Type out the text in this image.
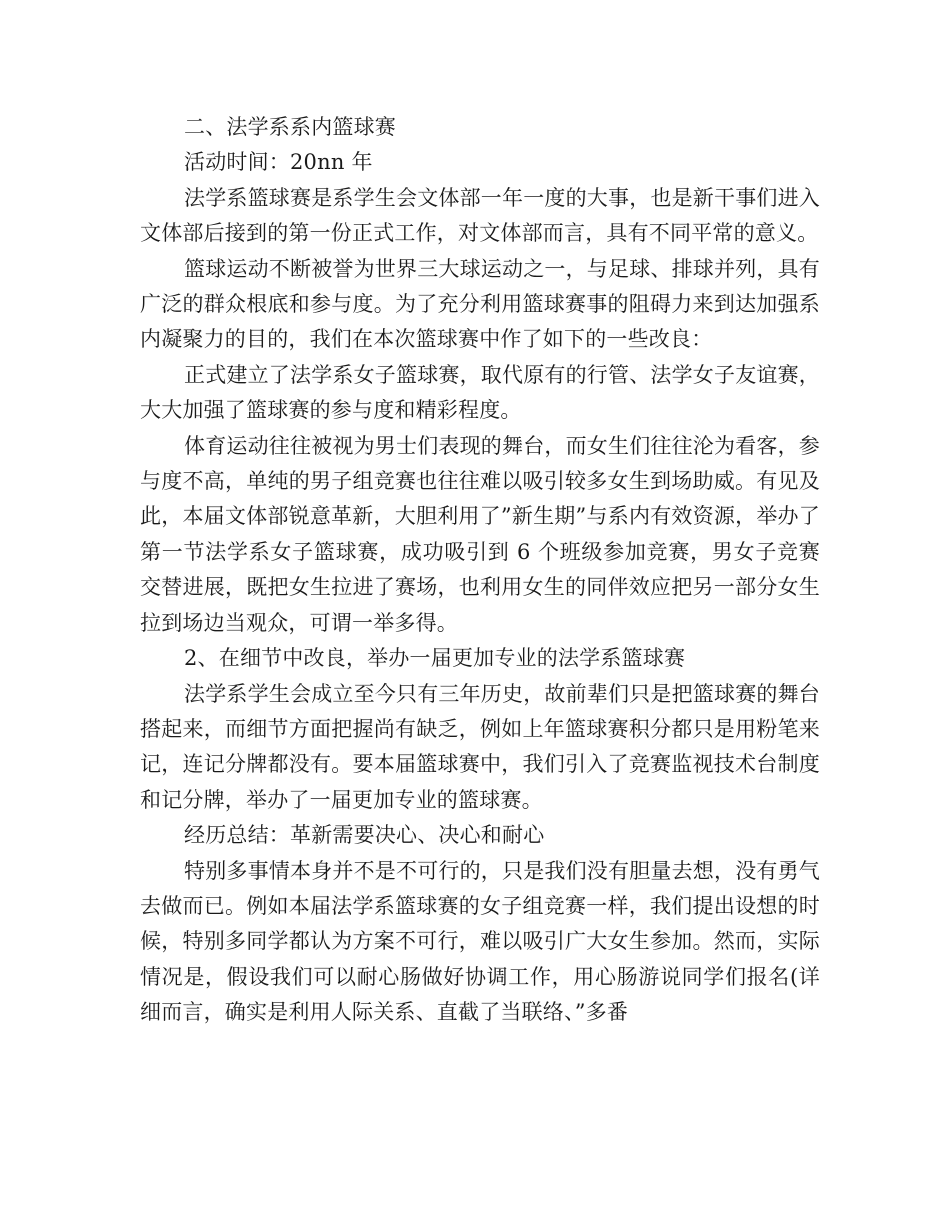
二、法学系系内篮球赛

活动时间：20nn 年

法学系篮球赛是系学生会文体部一年一度的大事，也是新干事们进入文体部后接到的第一份正式工作，对文体部而言，具有不同平常的意义。

篮球运动不断被誉为世界三大球运动之一，与足球、排球并列，具有广泛的群众根底和参与度。为了充分利用篮球赛事的阻碍力来到达加强系内凝聚力的目的，我们在本次篮球赛中作了如下的一些改良：

正式建立了法学系女子篮球赛，取代原有的行管、法学女子友谊赛，大大加强了篮球赛的参与度和精彩程度。

体育运动往往被视为男士们表现的舞台，而女生们往往沦为看客，参与度不高，单纯的男子组竞赛也往往难以吸引较多女生到场助威。有见及此，本届文体部锐意革新，大胆利用了”新生期”与系内有效资源，举办了第一节法学系女子篮球赛，成功吸引到 6 个班级参加竞赛，男女子竞赛交替进展，既把女生拉进了赛场，也利用女生的同伴效应把另一部分女生拉到场边当观众，可谓一举多得。

2、在细节中改良，举办一届更加专业的法学系篮球赛

法学系学生会成立至今只有三年历史，故前辈们只是把篮球赛的舞台搭起来，而细节方面把握尚有缺乏，例如上年篮球赛积分都只是用粉笔来记，连记分牌都没有。要本届篮球赛中，我们引入了竞赛监视技术台制度和记分牌，举办了一届更加专业的篮球赛。

经历总结：革新需要决心、决心和耐心

特别多事情本身并不是不可行的，只是我们没有胆量去想，没有勇气去做而已。例如本届法学系篮球赛的女子组竞赛一样，我们提出设想的时候，特别多同学都认为方案不可行，难以吸引广大女生参加。然而，实际情况是，假设我们可以耐心肠做好协调工作，用心肠游说同学们报名(详细而言，确实是利用人际关系、直截了当联络、”多番
